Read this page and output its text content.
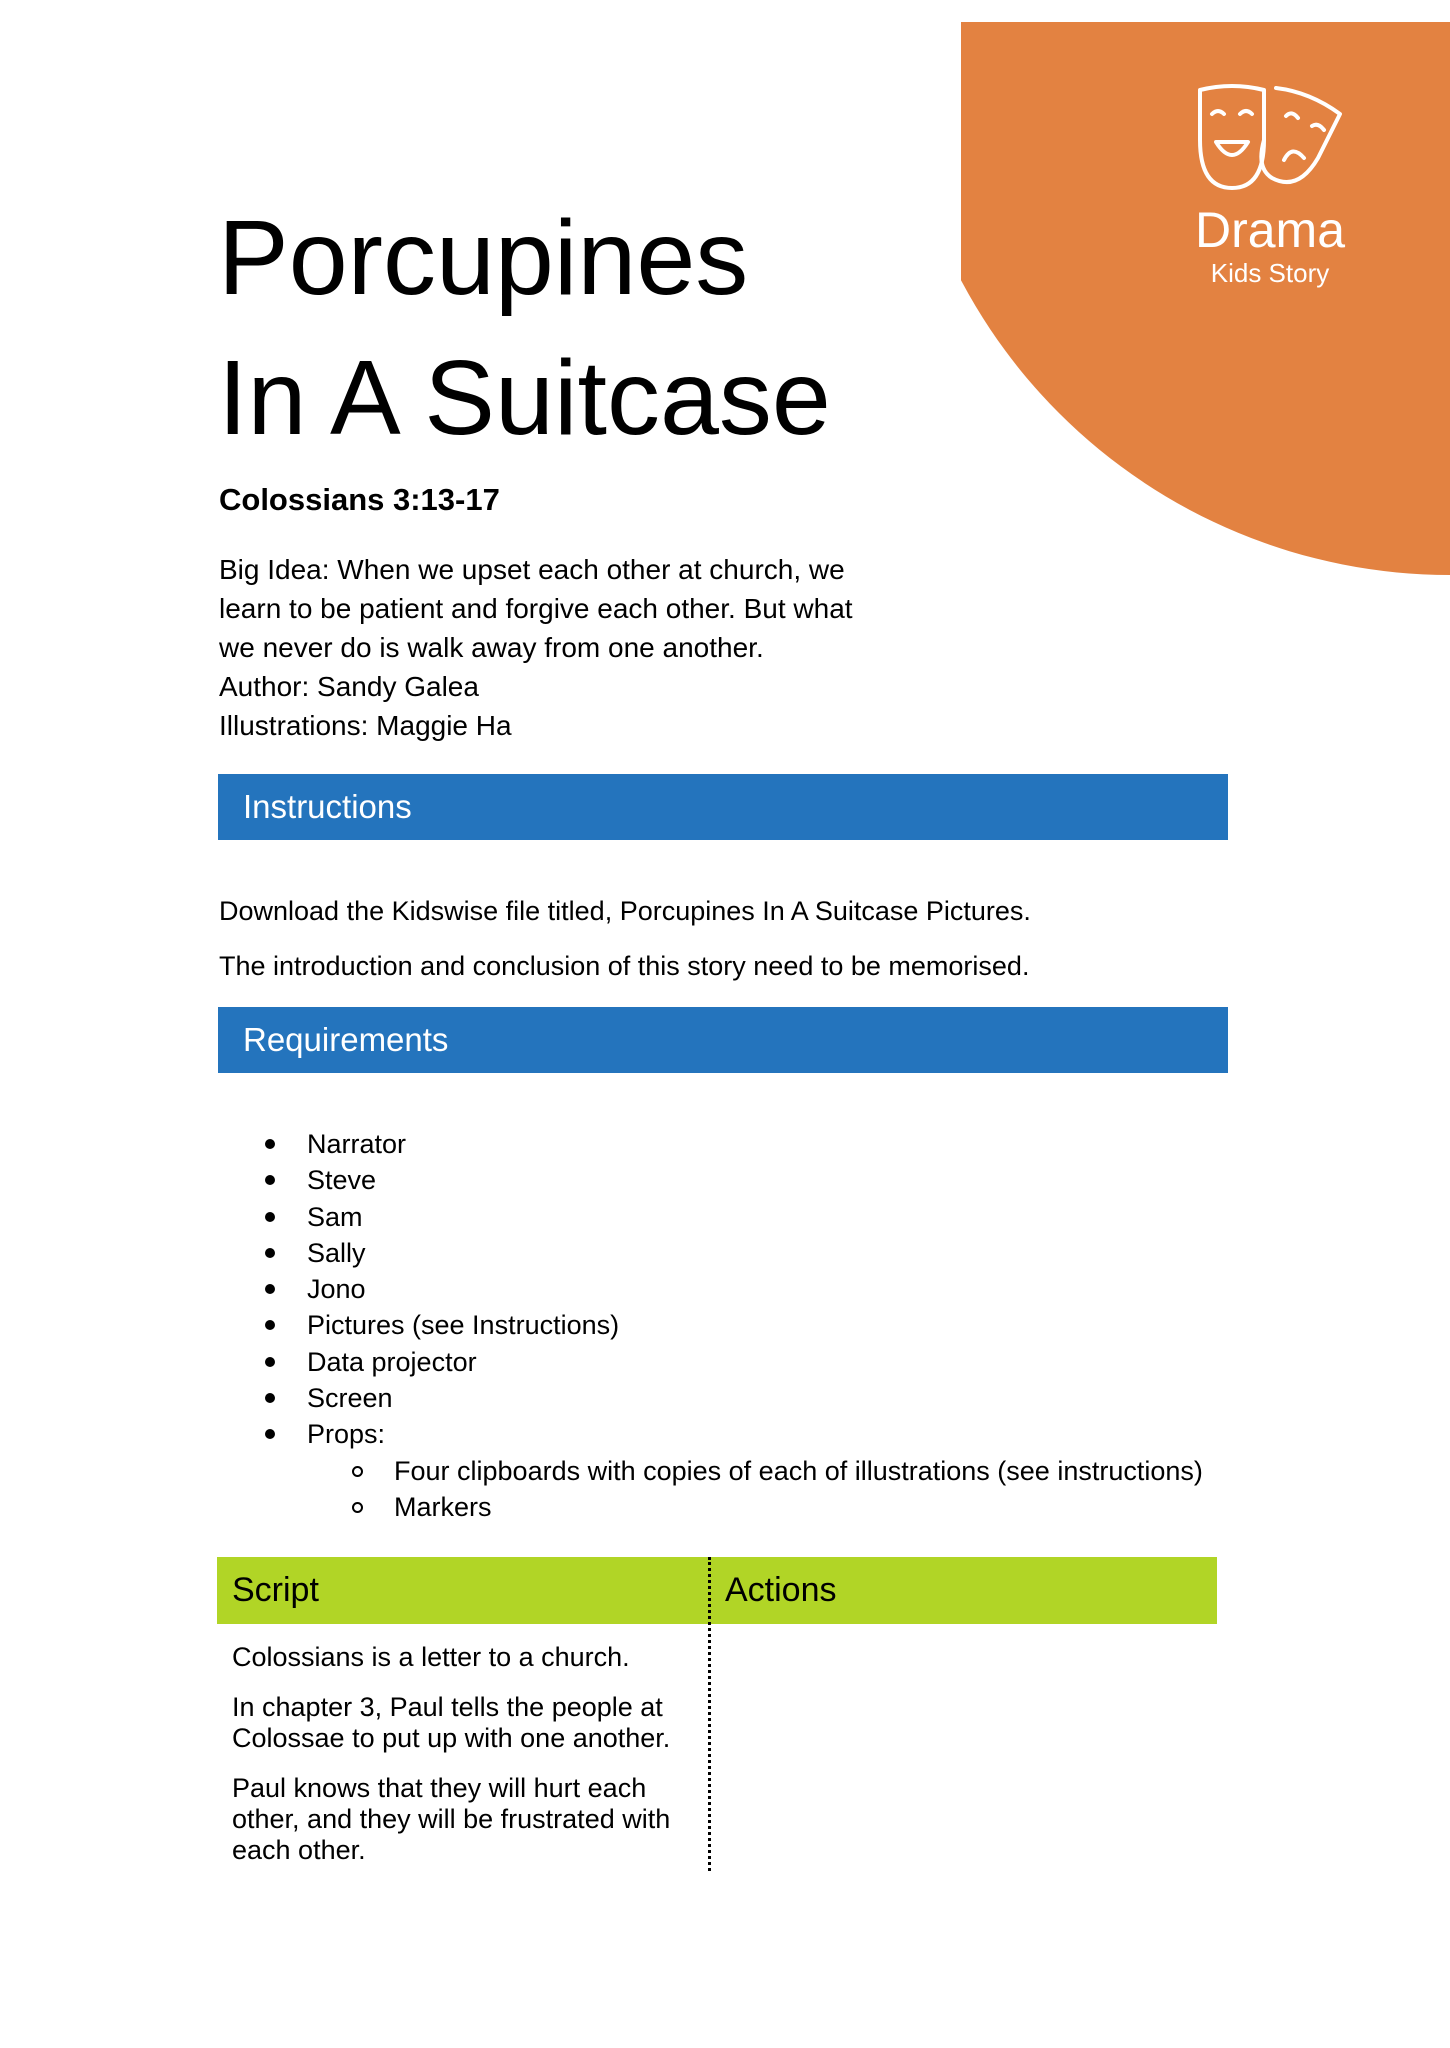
Drama
Kids Story
Porcupines
In A Suitcase
Colossians 3:13-17
Big Idea: When we upset each other at church, we
learn to be patient and forgive each other. But what
we never do is walk away from one another.
Author: Sandy Galea
Illustrations: Maggie Ha
Instructions
Download the Kidswise file titled, Porcupines In A Suitcase Pictures.
The introduction and conclusion of this story need to be memorised.
Requirements
Narrator
Steve
Sam
Sally
Jono
Pictures (see Instructions)
Data projector
Screen
Props:
Four clipboards with copies of each of illustrations (see instructions)
Markers
Script	Actions

Colossians is a letter to a church.

In chapter 3, Paul tells the people at Colossae to put up with one another.

Paul knows that they will hurt each other, and they will be frustrated with each other.
